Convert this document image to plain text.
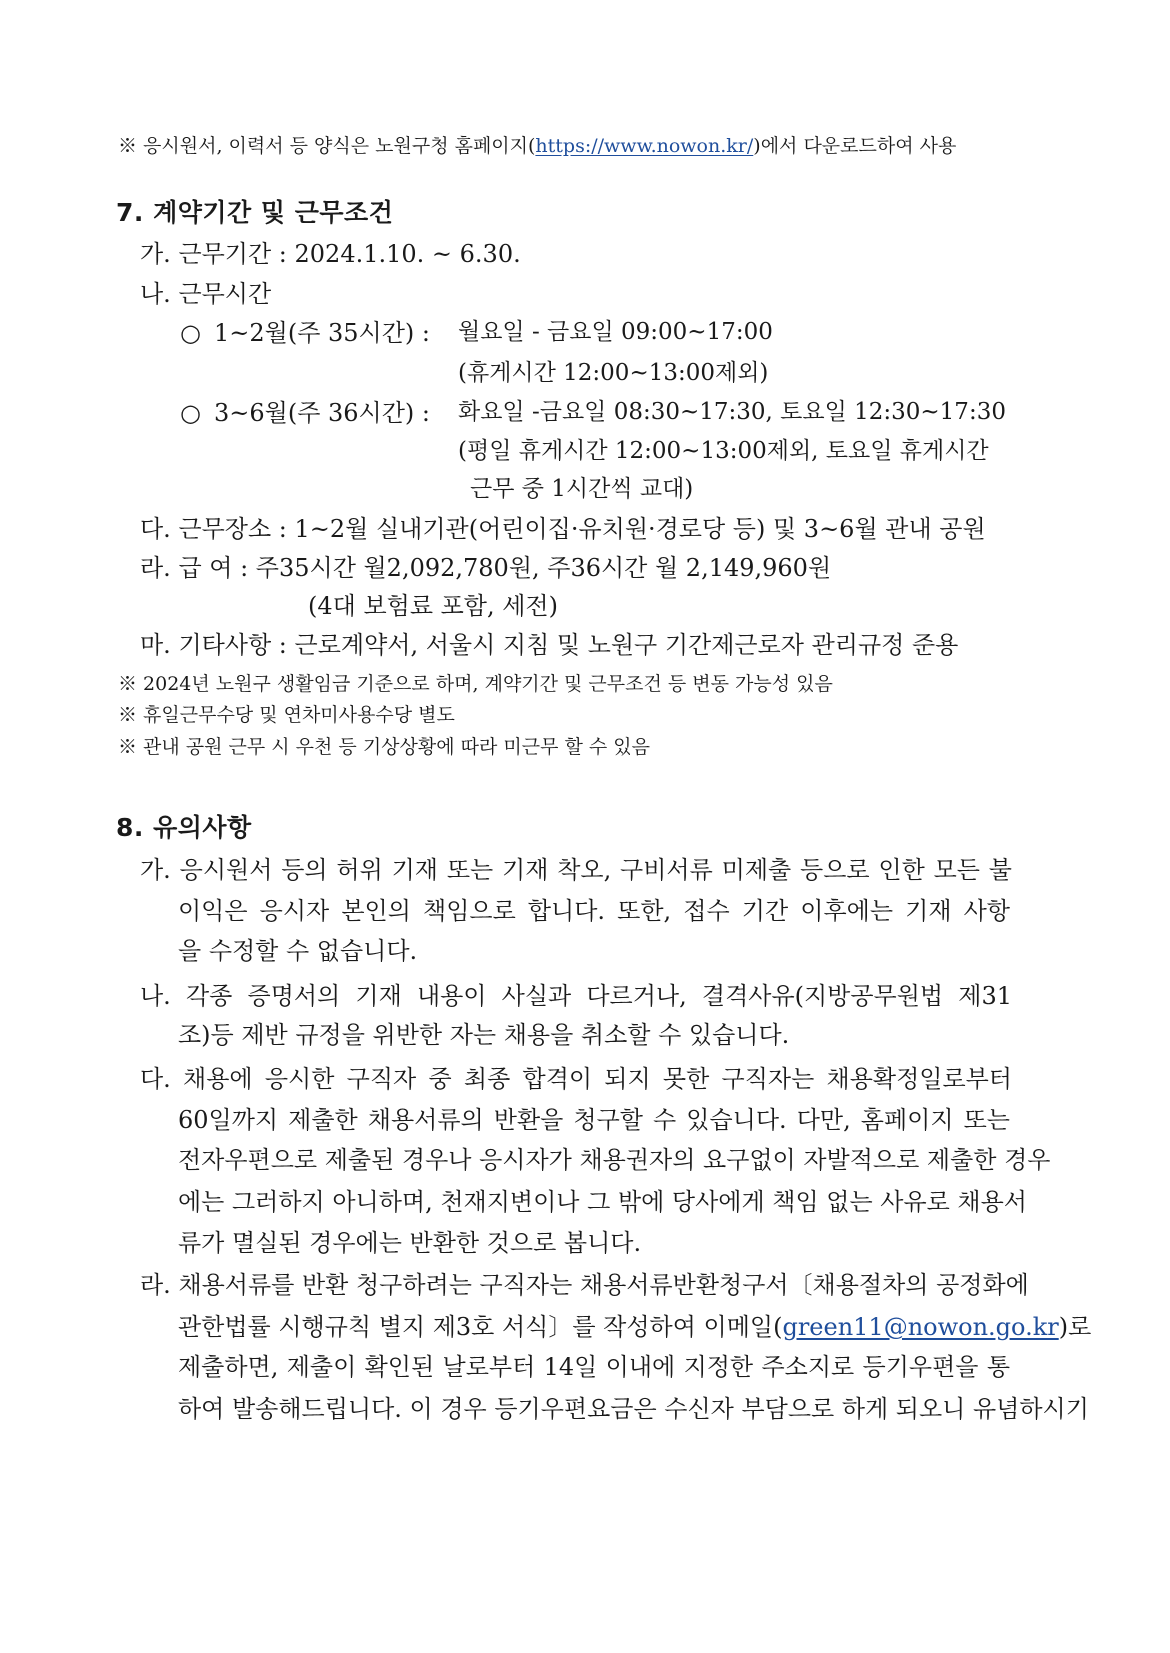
※ 응시원서, 이력서 등 양식은 노원구청 홈페이지(https://www.nowon.kr/)에서 다운로드하여 사용
7. 계약기간 및 근무조건
가. 근무기간 : 2024.1.10. ~ 6.30.
나. 근무시간
○ 1~2월(주 35시간) : 월요일 - 금요일 09:00~17:00
(휴게시간 12:00~13:00제외)
○ 3~6월(주 36시간) : 화요일 -금요일 08:30~17:30, 토요일 12:30~17:30
(평일 휴게시간 12:00~13:00제외, 토요일 휴게시간
근무 중 1시간씩 교대)
다. 근무장소 : 1~2월 실내기관(어린이집·유치원·경로당 등) 및 3~6월 관내 공원
라. 급 여 : 주35시간 월2,092,780원, 주36시간 월 2,149,960원
(4대 보험료 포함, 세전)
마. 기타사항 : 근로계약서, 서울시 지침 및 노원구 기간제근로자 관리규정 준용
※ 2024년 노원구 생활임금 기준으로 하며, 계약기간 및 근무조건 등 변동 가능성 있음
※ 휴일근무수당 및 연차미사용수당 별도
※ 관내 공원 근무 시 우천 등 기상상황에 따라 미근무 할 수 있음
8. 유의사항
가. 응시원서 등의 허위 기재 또는 기재 착오, 구비서류 미제출 등으로 인한 모든 불
이익은 응시자 본인의 책임으로 합니다. 또한, 접수 기간 이후에는 기재 사항
을 수정할 수 없습니다.
나. 각종 증명서의 기재 내용이 사실과 다르거나, 결격사유(지방공무원법 제31
조)등 제반 규정을 위반한 자는 채용을 취소할 수 있습니다.
다. 채용에 응시한 구직자 중 최종 합격이 되지 못한 구직자는 채용확정일로부터
60일까지 제출한 채용서류의 반환을 청구할 수 있습니다. 다만, 홈페이지 또는
전자우편으로 제출된 경우나 응시자가 채용권자의 요구없이 자발적으로 제출한 경우
에는 그러하지 아니하며, 천재지변이나 그 밖에 당사에게 책임 없는 사유로 채용서
류가 멸실된 경우에는 반환한 것으로 봅니다.
라. 채용서류를 반환 청구하려는 구직자는 채용서류반환청구서〔채용절차의 공정화에
관한법률 시행규칙 별지 제3호 서식〕를 작성하여 이메일(green11@nowon.go.kr)로
제출하면, 제출이 확인된 날로부터 14일 이내에 지정한 주소지로 등기우편을 통
하여 발송해드립니다. 이 경우 등기우편요금은 수신자 부담으로 하게 되오니 유념하시기
